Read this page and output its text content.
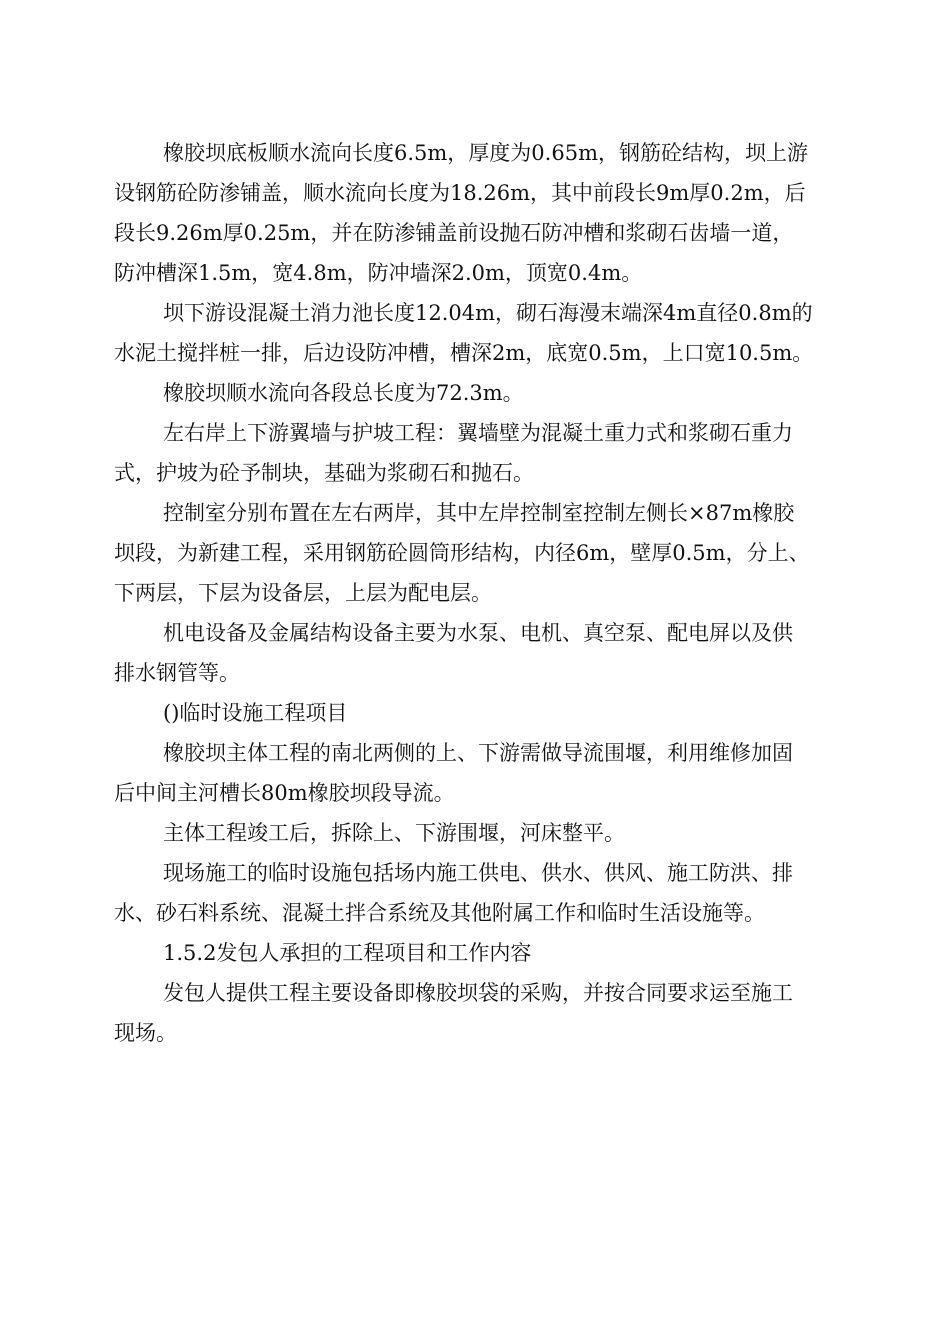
橡胶坝底板顺水流向长度6.5m，厚度为0.65m，钢筋砼结构，坝上游
设钢筋砼防渗铺盖，顺水流向长度为18.26m，其中前段长9m厚0.2m，后
段长9.26m厚0.25m，并在防渗铺盖前设抛石防冲槽和浆砌石齿墙一道，
防冲槽深1.5m，宽4.8m，防冲墙深2.0m，顶宽0.4m。
坝下游设混凝土消力池长度12.04m，砌石海漫末端深4m直径0.8m的
水泥土搅拌桩一排，后边设防冲槽，槽深2m，底宽0.5m，上口宽10.5m。
橡胶坝顺水流向各段总长度为72.3m。
左右岸上下游翼墙与护坡工程：翼墙壁为混凝土重力式和浆砌石重力
式，护坡为砼予制块，基础为浆砌石和抛石。
控制室分别布置在左右两岸，其中左岸控制室控制左侧长×87m橡胶
坝段，为新建工程，采用钢筋砼圆筒形结构，内径6m，壁厚0.5m，分上、
下两层，下层为设备层，上层为配电层。
机电设备及金属结构设备主要为水泵、电机、真空泵、配电屏以及供
排水钢管等。
()临时设施工程项目
橡胶坝主体工程的南北两侧的上、下游需做导流围堰，利用维修加固
后中间主河槽长80m橡胶坝段导流。
主体工程竣工后，拆除上、下游围堰，河床整平。
现场施工的临时设施包括场内施工供电、供水、供风、施工防洪、排
水、砂石料系统、混凝土拌合系统及其他附属工作和临时生活设施等。
1.5.2发包人承担的工程项目和工作内容
发包人提供工程主要设备即橡胶坝袋的采购，并按合同要求运至施工
现场。
